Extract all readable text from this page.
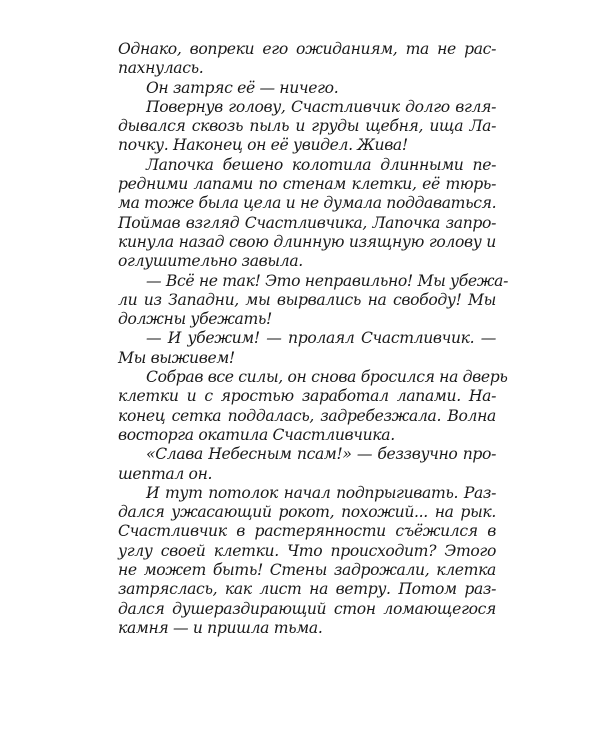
Однако, вопреки его ожиданиям, та не рас-
пахнулась.

Он затряс её — ничего.

Повернув голову, Счастливчик долго вгля-
дывался сквозь пыль и груды щебня, ища Ла-
почку. Наконец он её увидел. Жива!

Лапочка бешено колотила длинными пе-
редними лапами по стенам клетки, её тюрь-
ма тоже была цела и не думала поддаваться.
Поймав взгляд Счастливчика, Лапочка запро-
кинула назад свою длинную изящную голову и
оглушительно завыла.

— Всё не так! Это неправильно! Мы убежа-
ли из Западни, мы вырвались на свободу! Мы
должны убежать!

— И убежим! — пролаял Счастливчик. —
Мы выживем!

Собрав все силы, он снова бросился на дверь
клетки и с яростью заработал лапами. На-
конец сетка поддалась, задребезжала. Волна
восторга окатила Счастливчика.

«Слава Небесным псам!» — беззвучно про-
шептал он.

И тут потолок начал подпрыгивать. Раз-
дался ужасающий рокот, похожий... на рык.
Счастливчик в растерянности съёжился в
углу своей клетки. Что происходит? Этого
не может быть! Стены задрожали, клетка
затряслась, как лист на ветру. Потом раз-
дался душераздирающий стон ломающегося
камня — и пришла тьма.
